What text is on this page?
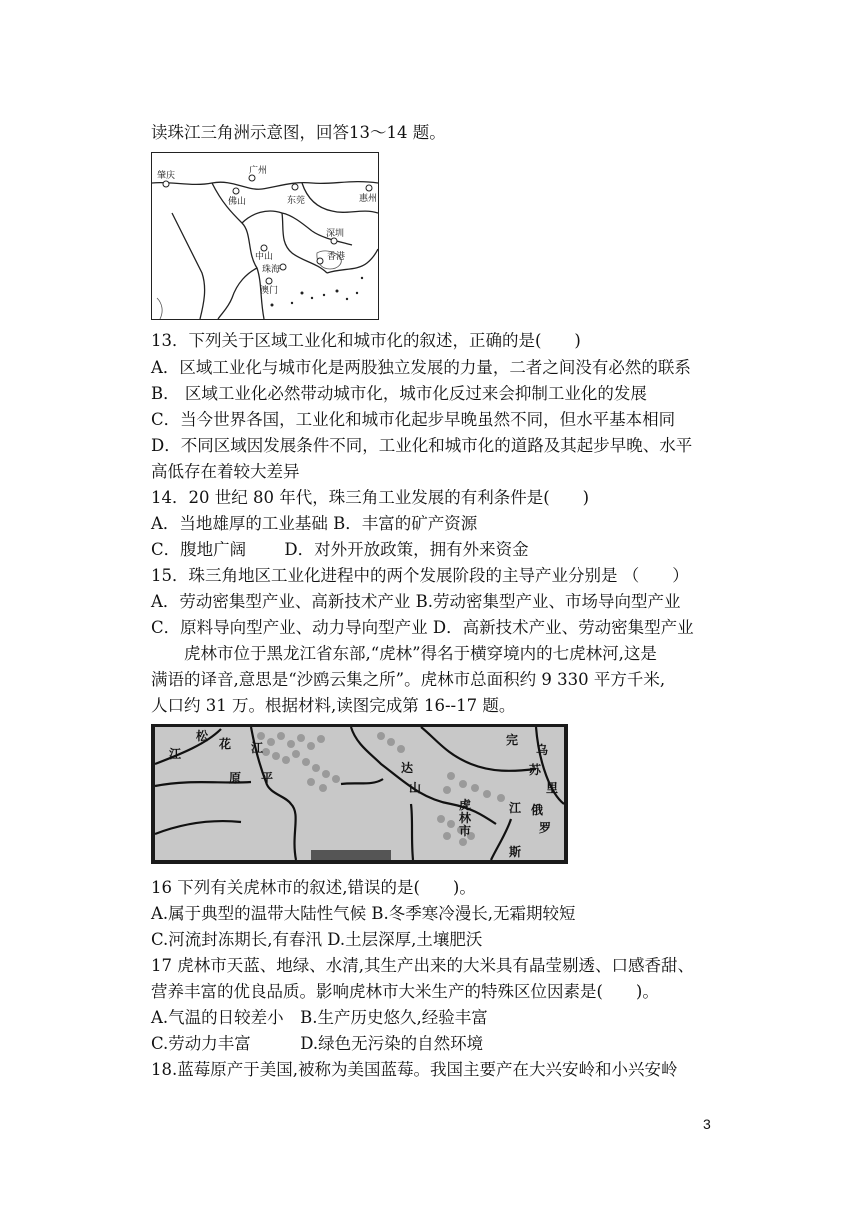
读珠江三角洲示意图，回答13～14 题。
肇庆	广州
佛山	东莞	惠州
深圳
中山	香港
珠海
澳门
13．下列关于区域工业化和城市化的叙述，正确的是(　　)
A．区域工业化与城市化是两股独立发展的力量，二者之间没有必然的联系
B． 区域工业化必然带动城市化，城市化反过来会抑制工业化的发展
C．当今世界各国，工业化和城市化起步早晚虽然不同，但水平基本相同
D．不同区域因发展条件不同，工业化和城市化的道路及其起步早晚、水平
高低存在着较大差异
14．20 世纪 80 年代，珠三角工业发展的有利条件是(　　)
A．当地雄厚的工业基础 B．丰富的矿产资源
C．腹地广阔　　 D．对外开放政策，拥有外来资金
15．珠三角地区工业化进程中的两个发展阶段的主导产业分别是 （　　）
A．劳动密集型产业、高新技术产业 B.劳动密集型产业、市场导向型产业
C．原料导向型产业、动力导向型产业 D．高新技术产业、劳动密集型产业
　　虎林市位于黑龙江省东部,“虎林”得名于横穿境内的七虎林河,这是
满语的译音,意思是“沙鸥云集之所”。虎林市总面积约 9 330 平方千米,
人口约 31 万。根据材料,读图完成第 16--17 题。
松
花
江	江
平
原
完
达
山
乌
苏
里
虎
林
市
江 俄
罗
斯
16 下列有关虎林市的叙述,错误的是(　　)。
A.属于典型的温带大陆性气候 B.冬季寒冷漫长,无霜期较短
C.河流封冻期长,有春汛 D.土层深厚,土壤肥沃
17 虎林市天蓝、地绿、水清,其生产出来的大米具有晶莹剔透、口感香甜、
营养丰富的优良品质。影响虎林市大米生产的特殊区位因素是(　　)。
A.气温的日较差小　B.生产历史悠久,经验丰富
C.劳动力丰富　　　D.绿色无污染的自然环境
18.蓝莓原产于美国,被称为美国蓝莓。我国主要产在大兴安岭和小兴安岭
3
